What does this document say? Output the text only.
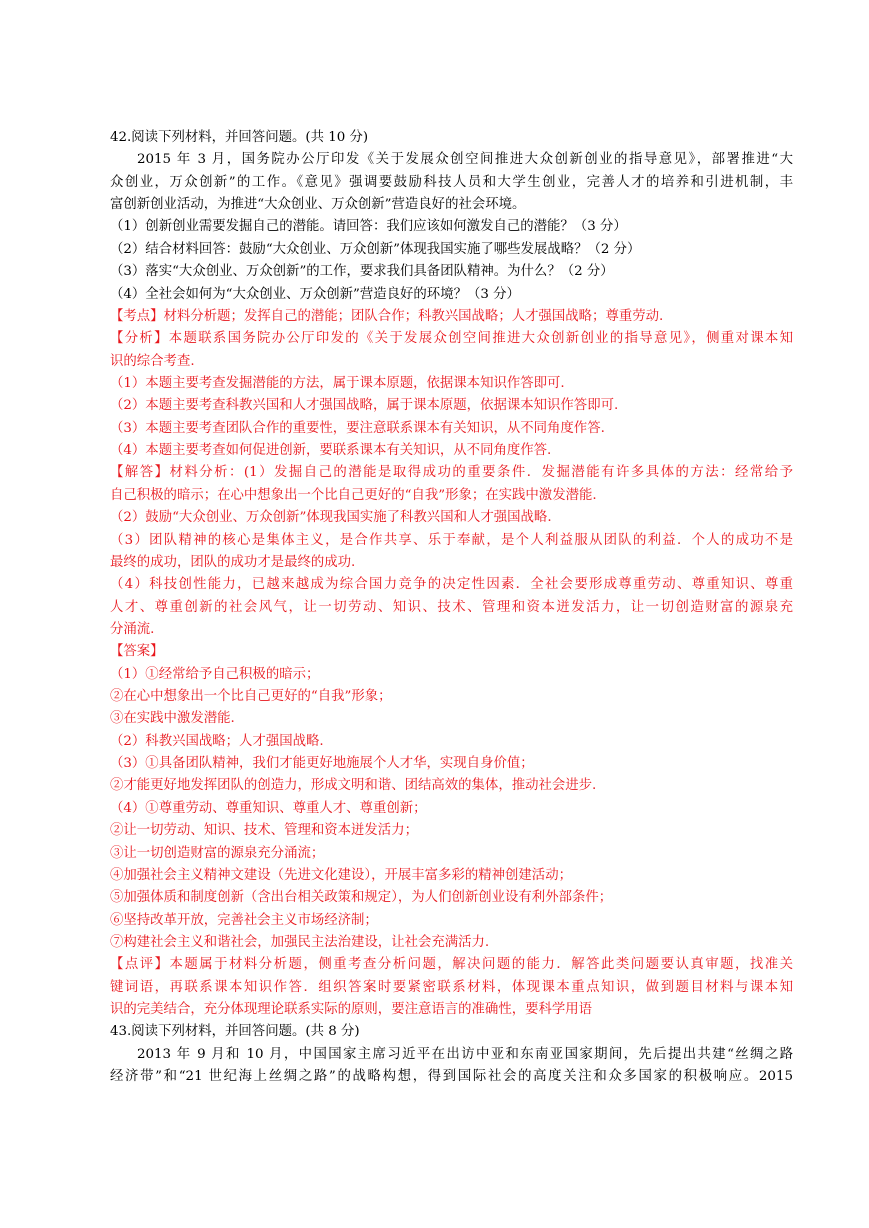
42.阅读下列材料，并回答问题。(共 10 分)
2015 年 3 月，国务院办公厅印发《关于发展众创空间推进大众创新创业的指导意见》，部署推进“大
众创业，万众创新”的工作。《意见》强调要鼓励科技人员和大学生创业，完善人才的培养和引进机制，丰
富创新创业活动，为推进“大众创业、万众创新”营造良好的社会环境。
（1）创新创业需要发掘自己的潜能。请回答：我们应该如何激发自己的潜能？（3 分）
（2）结合材料回答：鼓励“大众创业、万众创新”体现我国实施了哪些发展战略？（2 分）
（3）落实“大众创业、万众创新”的工作，要求我们具备团队精神。为什么？（2 分）
（4）全社会如何为“大众创业、万众创新”营造良好的环境？（3 分）
【考点】材料分析题；发挥自己的潜能；团队合作；科教兴国战略；人才强国战略；尊重劳动.
【分析】本题联系国务院办公厅印发的《关于发展众创空间推进大众创新创业的指导意见》，侧重对课本知
识的综合考查.
（1）本题主要考查发掘潜能的方法，属于课本原题，依据课本知识作答即可.
（2）本题主要考查科教兴国和人才强国战略，属于课本原题，依据课本知识作答即可.
（3）本题主要考查团队合作的重要性，要注意联系课本有关知识，从不同角度作答.
（4）本题主要考查如何促进创新，要联系课本有关知识，从不同角度作答.
【解答】材料分析：(1）发掘自己的潜能是取得成功的重要条件．发掘潜能有许多具体的方法：经常给予
自己积极的暗示；在心中想象出一个比自己更好的“自我”形象；在实践中激发潜能.
（2）鼓励“大众创业、万众创新”体现我国实施了科教兴国和人才强国战略.
（3）团队精神的核心是集体主义，是合作共享、乐于奉献，是个人利益服从团队的利益．个人的成功不是
最终的成功，团队的成功才是最终的成功.
（4）科技创性能力，已越来越成为综合国力竞争的决定性因素．全社会要形成尊重劳动、尊重知识、尊重
人才、尊重创新的社会风气，让一切劳动、知识、技术、管理和资本迸发活力，让一切创造财富的源泉充
分涌流.
【答案】
（1）①经常给予自己积极的暗示；
②在心中想象出一个比自己更好的“自我”形象；
③在实践中激发潜能.
（2）科教兴国战略；人才强国战略.
（3）①具备团队精神，我们才能更好地施展个人才华，实现自身价值；
②才能更好地发挥团队的创造力，形成文明和谐、团结高效的集体，推动社会进步.
（4）①尊重劳动、尊重知识、尊重人才、尊重创新；
②让一切劳动、知识、技术、管理和资本迸发活力；
③让一切创造财富的源泉充分涌流；
④加强社会主义精神文建设（先进文化建设），开展丰富多彩的精神创建活动；
⑤加强体质和制度创新（含出台相关政策和规定），为人们创新创业设有利外部条件；
⑥坚持改革开放，完善社会主义市场经济制；
⑦构建社会主义和谐社会，加强民主法治建设，让社会充满活力.
【点评】本题属于材料分析题，侧重考查分析问题，解决问题的能力．解答此类问题要认真审题，找准关
键词语，再联系课本知识作答．组织答案时要紧密联系材料，体现课本重点知识，做到题目材料与课本知
识的完美结合，充分体现理论联系实际的原则，要注意语言的准确性，要科学用语
43.阅读下列材料，并回答问题。(共 8 分)
2013 年 9 月和 10 月，中国国家主席习近平在出访中亚和东南亚国家期间，先后提出共建“丝绸之路
经济带”和“21 世纪海上丝绸之路”的战略构想，得到国际社会的高度关注和众多国家的积极响应。2015
